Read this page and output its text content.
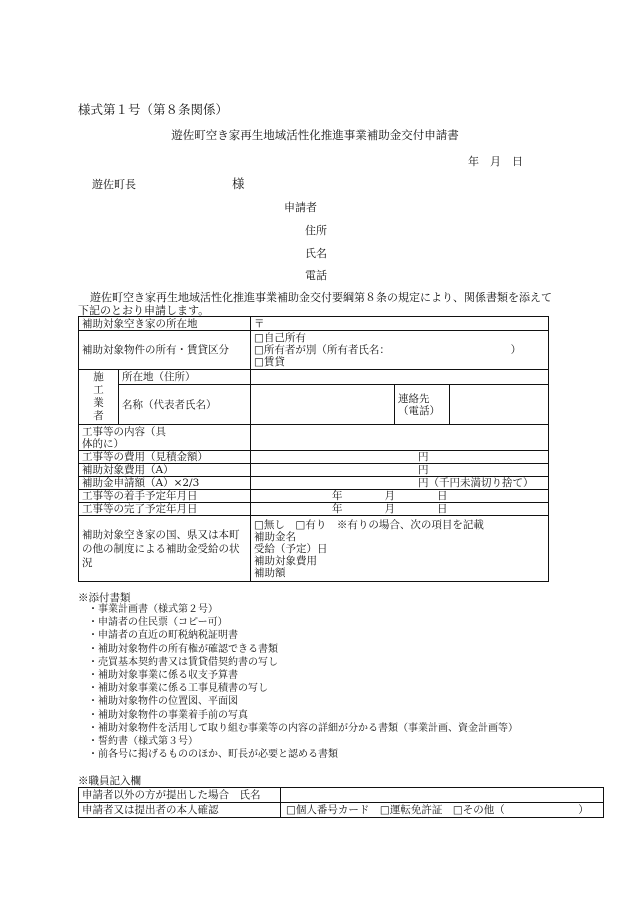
様式第１号（第８条関係）
遊佐町空き家再生地域活性化推進事業補助金交付申請書
年　月　日
遊佐町長	様
申請者
住所
氏名
電話
遊佐町空き家再生地域活性化推進事業補助金交付要綱第８条の規定により、関係書類を添えて下記のとおり申請します。
補助対象空き家の所在地		〒		
補助対象物件の所有・賃貸区分		□自己所有
□所有者が別（所有者氏名：　　　　　　　　　　　　）
□賃貸		

施工業者	所在地（住所）			
	名称（代表者氏名）		連絡先（電話）	
工事等の内容（具体的に）				
工事等の費用（見積金額）		円		
補助対象費用（A）		円		
補助金申請額（A）×2/3		円（千円未満切り捨て）		
工事等の着手予定年月日		年　　　　月　　　　日		
工事等の完了予定年月日		年　　　　月　　　　日		
補助対象空き家の国、県又は本町の他の制度による補助金受給の状況		□無し　□有り　※有りの場合、次の項目を記載
補助金名
受給（予定）日
補助対象費用
補助額		
※添付書類
・事業計画書（様式第２号）
・申請者の住民票（コピー可）
・申請者の直近の町税納税証明書
・補助対象物件の所有権が確認できる書類
・売買基本契約書又は賃貸借契約書の写し
・補助対象事業に係る収支予算書
・補助対象事業に係る工事見積書の写し
・補助対象物件の位置図、平面図
・補助対象物件の事業着手前の写真
・補助対象物件を活用して取り組む事業等の内容の詳細が分かる書類（事業計画、資金計画等）
・誓約書（様式第３号）
・前各号に掲げるもののほか、町長が必要と認める書類
※職員記入欄
申請者以外の方が提出した場合　氏名	
申請者又は提出者の本人確認	□個人番号カード　□運転免許証　□その他（　　　　　　　）
